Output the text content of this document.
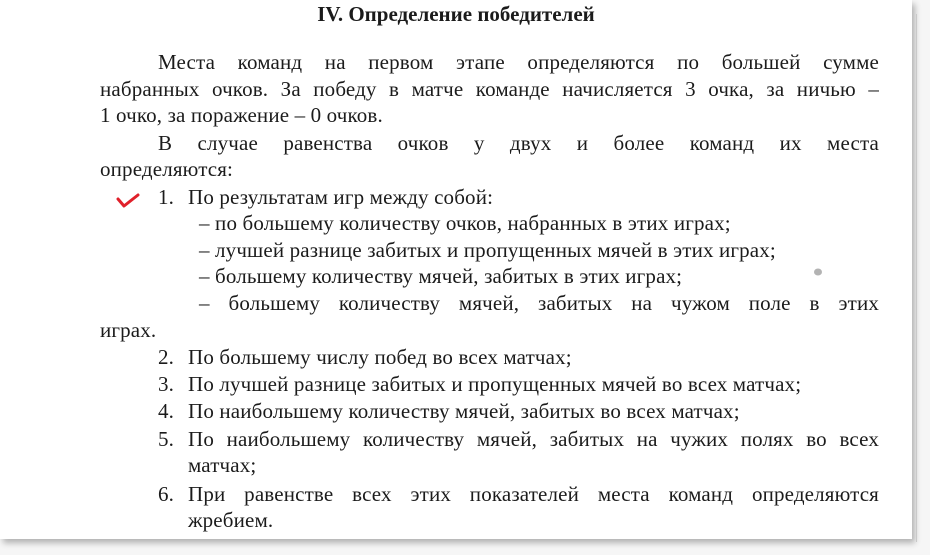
IV. Определение победителей
Места команд на первом этапе определяются по большей сумме
набранных очков. За победу в матче команде начисляется 3 очка, за ничью –
1 очко, за поражение – 0 очков.
В случае равенства очков у двух и более команд их места
определяются:
1. По результатам игр между собой:
– по большему количеству очков, набранных в этих играх;
– лучшей разнице забитых и пропущенных мячей в этих играх;
– большему количеству мячей, забитых в этих играх;
– большему количеству мячей, забитых на чужом поле в этих
играх.
2. По большему числу побед во всех матчах;
3. По лучшей разнице забитых и пропущенных мячей во всех матчах;
4. По наибольшему количеству мячей, забитых во всех матчах;
5. По наибольшему количеству мячей, забитых на чужих полях во всех
матчах;
6. При равенстве всех этих показателей места команд определяются
жребием.
